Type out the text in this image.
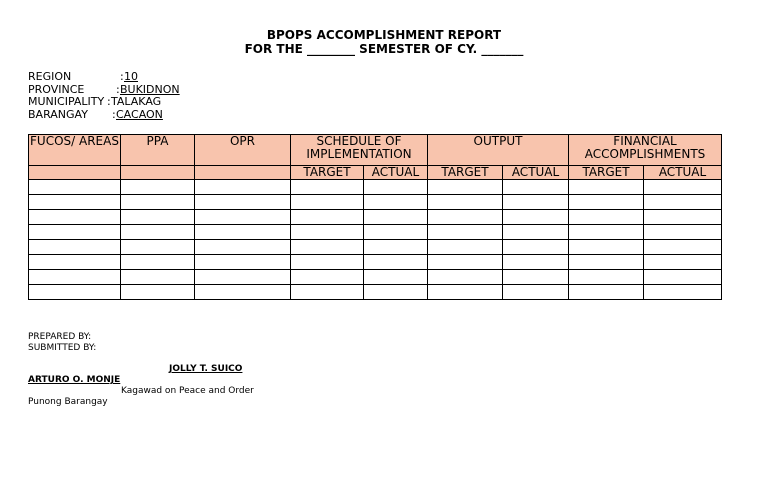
BPOPS ACCOMPLISHMENT REPORT
FOR THE ________ SEMESTER OF CY. _______
REGION	: 10
PROVINCE	: BUKIDNON
MUNICIPALITY : TALAKAG
BARANGAY : CACAON
FUCOS/ AREAS	PPA	OPR	SCHEDULE OF IMPLEMENTATION		OUTPUT		FINANCIAL ACCOMPLISHMENTS	
			TARGET	ACTUAL	TARGET	ACTUAL	TARGET	ACTUAL

PREPARED BY:
SUBMITTED BY:
JOLLY T. SUICO
ARTURO O. MONJE
Kagawad on Peace and Order
Punong Barangay
